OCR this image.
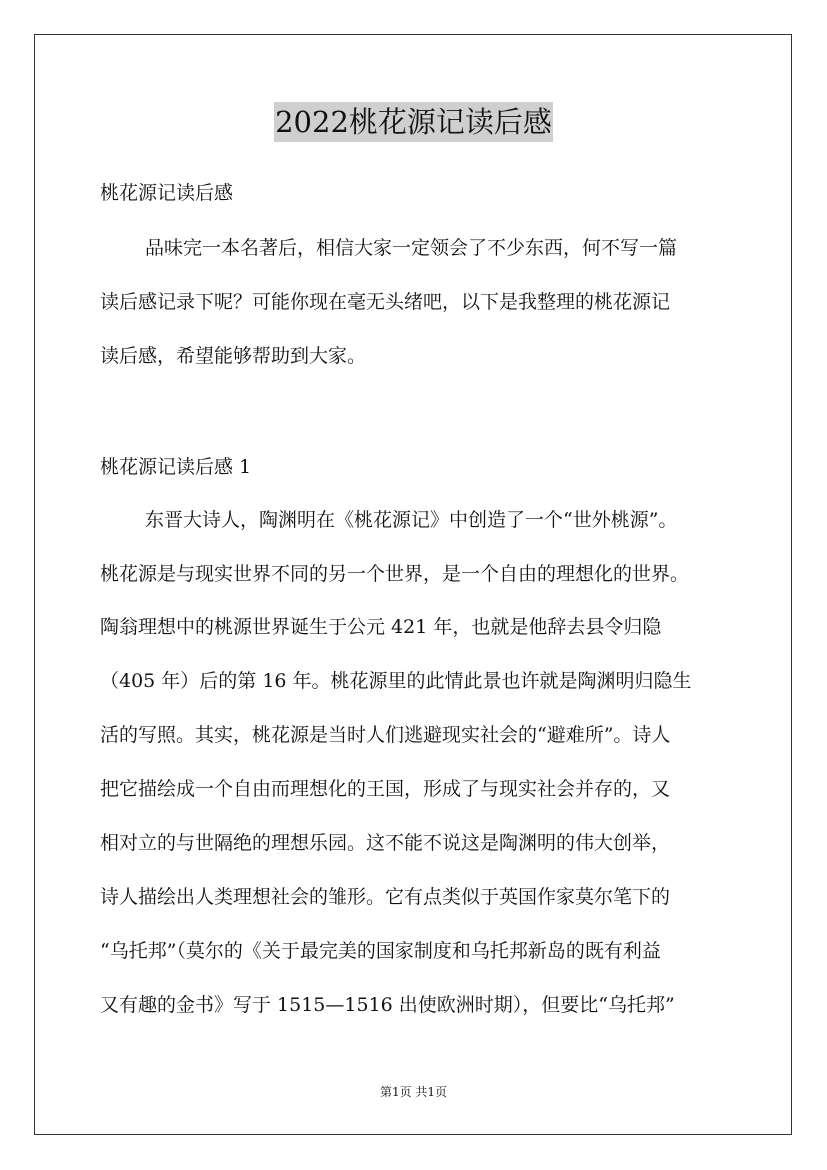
2022桃花源记读后感
桃花源记读后感
品味完一本名著后，相信大家一定领会了不少东西，何不写一篇
读后感记录下呢？可能你现在毫无头绪吧，以下是我整理的桃花源记
读后感，希望能够帮助到大家。
桃花源记读后感 1
东晋大诗人，陶渊明在《桃花源记》中创造了一个“世外桃源”。
桃花源是与现实世界不同的另一个世界，是一个自由的理想化的世界。
陶翁理想中的桃源世界诞生于公元 421 年，也就是他辞去县令归隐
（405 年）后的第 16 年。桃花源里的此情此景也许就是陶渊明归隐生
活的写照。其实，桃花源是当时人们逃避现实社会的“避难所”。诗人
把它描绘成一个自由而理想化的王国，形成了与现实社会并存的，又
相对立的与世隔绝的理想乐园。这不能不说这是陶渊明的伟大创举，
诗人描绘出人类理想社会的雏形。它有点类似于英国作家莫尔笔下的
“乌托邦”（莫尔的《关于最完美的国家制度和乌托邦新岛的既有利益
又有趣的金书》写于 1515—1516 出使欧洲时期），但要比“乌托邦”
第1页 共1页
